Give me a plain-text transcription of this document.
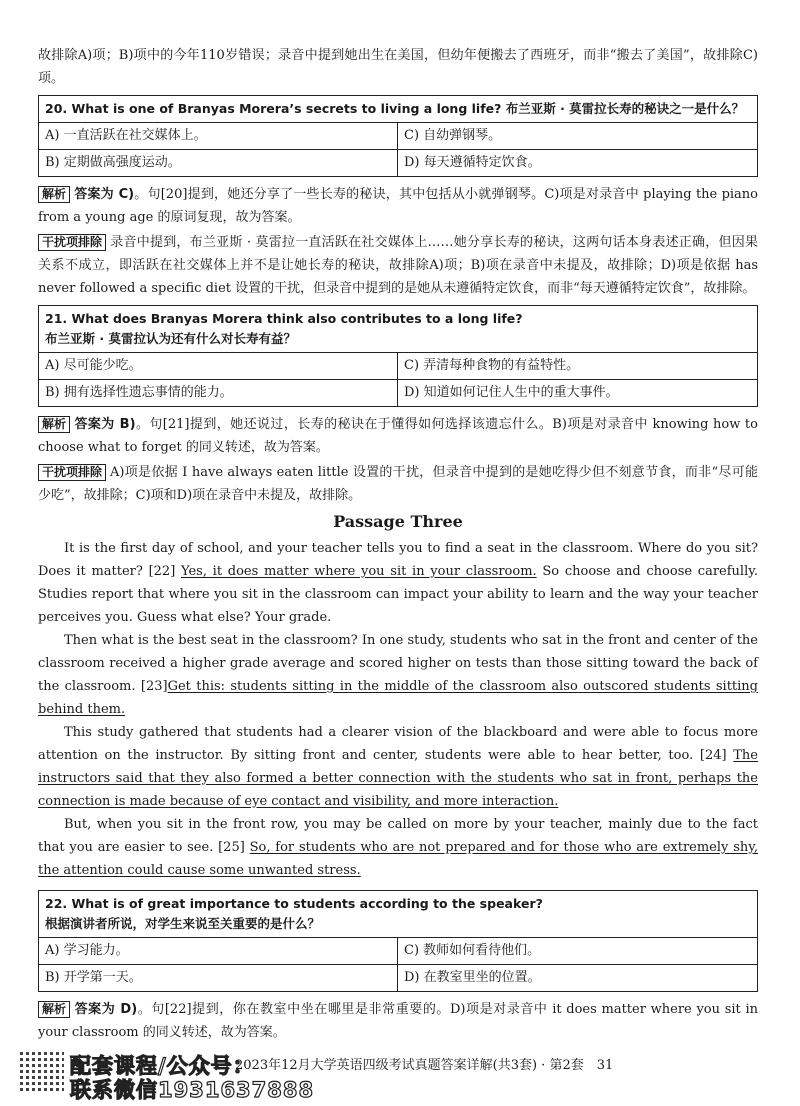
故排除A)项；B)项中的今年110岁错误；录音中提到她出生在美国，但幼年便搬去了西班牙，而非“搬去了美国”，故排除C)项。

20. What is one of Branyas Morera’s secrets to living a long life? 布兰亚斯 · 莫雷拉长寿的秘诀之一是什么？
A) 一直活跃在社交媒体上。	C) 自幼弹钢琴。
B) 定期做高强度运动。	D) 每天遵循特定饮食。

解析 答案为 C)。句[20]提到，她还分享了一些长寿的秘诀，其中包括从小就弹钢琴。C)项是对录音中 playing the piano from a young age 的原词复现，故为答案。

干扰项排除 录音中提到，布兰亚斯 · 莫雷拉一直活跃在社交媒体上……她分享长寿的秘诀，这两句话本身表述正确，但因果关系不成立，即活跃在社交媒体上并不是让她长寿的秘诀，故排除A)项；B)项在录音中未提及，故排除；D)项是依据 has never followed a specific diet 设置的干扰，但录音中提到的是她从未遵循特定饮食，而非“每天遵循特定饮食”，故排除。

21. What does Branyas Morera think also contributes to a long life?
布兰亚斯 · 莫雷拉认为还有什么对长寿有益？
A) 尽可能少吃。	C) 弄清每种食物的有益特性。
B) 拥有选择性遗忘事情的能力。	D) 知道如何记住人生中的重大事件。

解析 答案为 B)。句[21]提到，她还说过，长寿的秘诀在于懂得如何选择该遗忘什么。B)项是对录音中 knowing how to choose what to forget 的同义转述，故为答案。

干扰项排除 A)项是依据 I have always eaten little 设置的干扰，但录音中提到的是她吃得少但不刻意节食，而非“尽可能少吃”，故排除；C)项和D)项在录音中未提及，故排除。

Passage Three

It is the first day of school, and your teacher tells you to find a seat in the classroom. Where do you sit? Does it matter? [22] Yes, it does matter where you sit in your classroom. So choose and choose carefully. Studies report that where you sit in the classroom can impact your ability to learn and the way your teacher perceives you. Guess what else? Your grade.

Then what is the best seat in the classroom? In one study, students who sat in the front and center of the classroom received a higher grade average and scored higher on tests than those sitting toward the back of the classroom. [23]Get this: students sitting in the middle of the classroom also outscored students sitting behind them.

This study gathered that students had a clearer vision of the blackboard and were able to focus more attention on the instructor. By sitting front and center, students were able to hear better, too. [24] The instructors said that they also formed a better connection with the students who sat in front, perhaps the connection is made because of eye contact and visibility, and more interaction.

But, when you sit in the front row, you may be called on more by your teacher, mainly due to the fact that you are easier to see. [25] So, for students who are not prepared and for those who are extremely shy, the attention could cause some unwanted stress.

22. What is of great importance to students according to the speaker?
根据演讲者所说，对学生来说至关重要的是什么？
A) 学习能力。	C) 教师如何看待他们。
B) 开学第一天。	D) 在教室里坐的位置。

解析 答案为 D)。句[22]提到，你在教室中坐在哪里是非常重要的。D)项是对录音中 it does matter where you sit in your classroom 的同义转述，故为答案。

配套课程/公众号：
联系微信1931637888
2023年12月大学英语四级考试真题答案详解(共3套) · 第2套　31
